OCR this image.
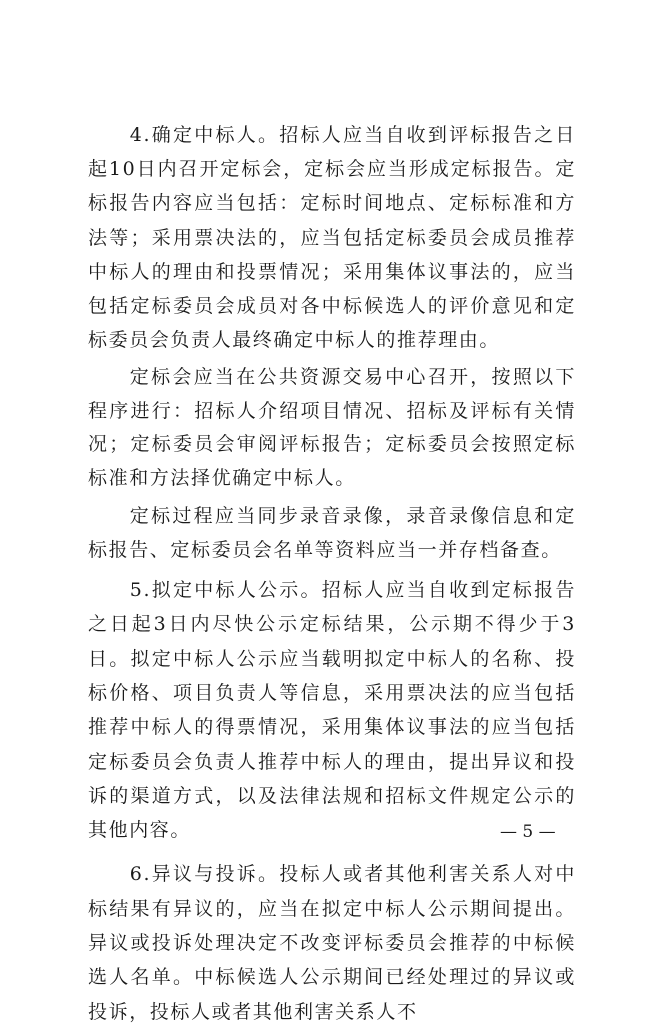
4.确定中标人。招标人应当自收到评标报告之日起10日内召开定标会，定标会应当形成定标报告。定标报告内容应当包括：定标时间地点、定标标准和方法等；采用票决法的，应当包括定标委员会成员推荐中标人的理由和投票情况；采用集体议事法的，应当包括定标委员会成员对各中标候选人的评价意见和定标委员会负责人最终确定中标人的推荐理由。

定标会应当在公共资源交易中心召开，按照以下程序进行：招标人介绍项目情况、招标及评标有关情况；定标委员会审阅评标报告；定标委员会按照定标标准和方法择优确定中标人。

定标过程应当同步录音录像，录音录像信息和定标报告、定标委员会名单等资料应当一并存档备查。

5.拟定中标人公示。招标人应当自收到定标报告之日起3日内尽快公示定标结果，公示期不得少于3日。拟定中标人公示应当载明拟定中标人的名称、投标价格、项目负责人等信息，采用票决法的应当包括推荐中标人的得票情况，采用集体议事法的应当包括定标委员会负责人推荐中标人的理由，提出异议和投诉的渠道方式，以及法律法规和招标文件规定公示的其他内容。

6.异议与投诉。投标人或者其他利害关系人对中标结果有异议的，应当在拟定中标人公示期间提出。异议或投诉处理决定不改变评标委员会推荐的中标候选人名单。中标候选人公示期间已经处理过的异议或投诉，投标人或者其他利害关系人不

— 5 —
